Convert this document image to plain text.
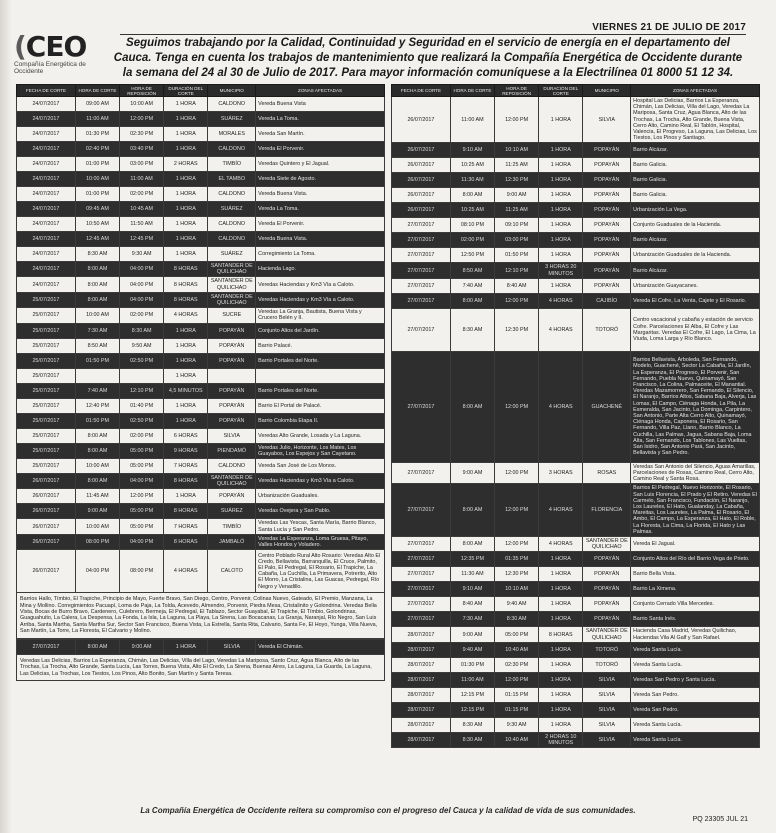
VIERNES 21 DE JULIO DE 2017
(CEO
Compañía Energética de Occidente
Seguimos trabajando por la Calidad, Continuidad y Seguridad en el servicio de energía en el departamento del Cauca. Tenga en cuenta los trabajos de mantenimiento que realizará la Compañía Energética de Occidente durante la semana del 24 al 30 de Julio de 2017. Para mayor información comuníquese a la Electrilínea 01 8000 51 12 34.
FECHA DE CORTE	HORA DE CORTE	HORA DE REPOSICIÓN	DURACIÓN DEL CORTE	MUNICIPIO	ZONAS AFECTADAS
24/07/2017	09:00 AM	10:00 AM	1 HORA	CALDONO	Vereda Buena Vista
24/07/2017	11:00 AM	12:00 PM	1 HORA	SUÁREZ	Vereda La Toma.
24/07/2017	01:30 PM	02:30 PM	1 HORA	MORALES	Vereda San Martín.
24/07/2017	02:40 PM	03:40 PM	1 HORA	CALDONO	Vereda El Porvenir.
24/07/2017	01:00 PM	03:00 PM	2 HORAS	TIMBÍO	Veredas Quintero y El Jagual.
24/07/2017	10:00 AM	11:00 AM	1 HORA	EL TAMBO	Vereda Siete de Agosto.
24/07/2017	01:00 PM	02:00 PM	1 HORA	CALDONO	Vereda Buena Vista.
24/07/2017	09:45 AM	10:45 AM	1 HORA	SUÁREZ	Vereda La Toma.
24/07/2017	10:50 AM	11:50 AM	1 HORA	CALDONO	Vereda El Porvenir.
24/07/2017	12:45 AM	12:45 PM	1 HORA	CALDONO	Vereda Buena Vista.
24/07/2017	8:30 AM	9:30 AM	1 HORA	SUÁREZ	Corregimiento La Toma.
24/07/2017	8:00 AM	04:00 PM	8 HORAS	SANTANDER DE QUILICHAO	Hacienda Lago.
24/07/2017	8:00 AM	04:00 PM	8 HORAS	SANTANDER DE QUILICHAO	Veredas Haciendas y Km3 Vía a Caloto.
25/07/2017	8:00 AM	04:00 PM	8 HORAS	SANTANDER DE QUILICHAO	Veredas Haciendas y Km3 Vía a Caloto.
25/07/2017	10:00 AM	02:00 PM	4 HORAS	SUCRE	Veredas La Granja, Bautista, Buena Vista y Crucero Belén y II.
25/07/2017	7:30 AM	8:30 AM	1 HORA	POPAYÁN	Conjunto Altos del Jardín.
25/07/2017	8:50 AM	9:50 AM	1 HORA	POPAYÁN	Barrio Palacé.
25/07/2017	01:50 PM	02:50 PM	1 HORA	POPAYÁN	Barrio Portales del Norte.
25/07/2017			1 HORA		
25/07/2017	7:40 AM	12:10 PM	4,5 MINUTOS	POPAYÁN	Barrio Portales del Norte.
25/07/2017	12:40 PM	01:40 PM	1 HORA	POPAYÁN	Barrio El Portal de Palacé.
25/07/2017	01:50 PM	02:50 PM	1 HORA	POPAYÁN	Barrio Colombia Etapa II.
25/07/2017	8:00 AM	02:00 PM	6 HORAS	SILVIA	Veredas Alto Grande, Losada y La Laguna.
25/07/2017	8:00 AM	05:00 PM	9 HORAS	PIENDAMÓ	Veredas Julio, Horizonte, Los Mates, Los Guayabos, Los Espejos y San Cayetano.
25/07/2017	10:00 AM	05:00 PM	7 HORAS	CALDONO	Vereda San José de Los Monos.
26/07/2017	8:00 AM	04:00 PM	8 HORAS	SANTANDER DE QUILICHAO	Veredas Haciendas y Km3 Vía a Caloto.
26/07/2017	11:45 AM	12:00 PM	1 HORA	POPAYÁN	Urbanización Guaduales.
26/07/2017	9:00 AM	05:00 PM	8 HORAS	SUÁREZ	Veredas Ovejera y San Pablo.
26/07/2017	10:00 AM	05:00 PM	7 HORAS	TIMBÍO	Veredas Las Yescas, Santa María, Barrio Blanco, Santa Lucía y San Pedro.
26/07/2017	08:00 PM	04:00 PM	8 HORAS	JAMBALÓ	Veredas La Esperanza, Loma Gruesa, Pitayo, Valles Hondos y Voladero.
26/07/2017	04:00 PM	08:00 PM	4 HORAS	CALOTO	Centro Poblado Rural Alto Rosario: Veredas Alto El Credo, Bellavista, Barranquilla, El Cruce, Palmito, El Palo, El Pedregal, El Rosario, El Trapiche, La Cabaña, La Cuchilla, La Primavera, Potrerito, Alto El Morro, La Cristalina, Las Guacas, Pedregal, Río Negro y Venadillo.
Barrios Hallo, Tímbio, El Trapiche, Principio de Mayo, Fuerte Bravo, San Diego, Centro, Porvenir, Colinas Nuevo, Gateado, El Premio, Manzana, La Mina y Mollino. Corregimientos Pacuapí, Loma de Paja, La Tolda, Acevedo, Almendro, Porvenir, Piedra Mesa, Cristalinito y Golondrina. Veredas Bella Vista, Bocas de Burro Bravo, Cardenero, Culebrero, Bermeja, El Pedregal, El Tablazo, Sector Guayabal, El Trapiche, El Tímbio, Golondrinas, Guaguahuito, La Calera, La Despensa, La Fonda, La Isla, La Laguna, La Playa, La Sirena, Las Bocacanas, La Granja, Naranjal, Río Negro, San Luis Arriba, Santa Martha, Santa Martha Sur, Sector San Francisco, Buena Vista, La Estrella, Santa Rita, Calvario, Santa Fe, El Hoyo, Yunga, Villa Nueva, San Martín, La Torre, La Floresta, El Calvario y Molino.
27/07/2017	8:00 AM	9:00 AM	1 HORA	SILVIA	Vereda El Chimán.
Veredas Las Delicias, Barrios La Esperanza, Chimán, Las Delicias, Villa del Lago, Veredas La Mariposa, Santo Cruz, Agua Blanca, Alto de las Trochas, La Trocha, Alto Grande, Santa Lucía, Las Torres, Buena Vista, Alto El Credo, La Sirena, Buenas Aires, La Laguna, La Guarda, La Laguna, Las Delicias, La Trochas, Los Tiestos, Los Pinos, Alto Bonito, San Martín y Santa Teresa.
FECHA DE CORTE	HORA DE CORTE	HORA DE REPOSICIÓN	DURACIÓN DEL CORTE	MUNICIPIO	ZONAS AFECTADAS
26/07/2017	11:00 AM	12:00 PM	1 HORA	SILVIA	Hospital Las Delicias, Barrios La Esperanza, Chimán, Las Delicias, Villa del Lago, Veredas La Mariposa, Santa Cruz, Agua Blanca, Alto de las Trochas, La Trocha, Alto Grande, Buena Vista, Cerro Alto, Camino Real, El Tablón, Hospital, Valencia, El Progreso, La Laguna, Las Delicias, Los Tiestos, Los Pinos y Santiago.
26/07/2017	9:10 AM	10:10 AM	1 HORA	POPAYÁN	Barrio Alcázar.
26/07/2017	10:25 AM	11:25 AM	1 HORA	POPAYÁN	Barrio Galicia.
26/07/2017	11:30 AM	12:30 PM	1 HORA	POPAYÁN	Barrio Galicia.
26/07/2017	8:00 AM	9:00 AM	1 HORA	POPAYÁN	Barrio Galicia.
26/07/2017	10:25 AM	11:25 AM	1 HORA	POPAYÁN	Urbanización La Vega.
27/07/2017	08:10 PM	09:10 PM	1 HORA	POPAYÁN	Conjunto Guaduales de la Hacienda.
27/07/2017	02:00 PM	03:00 PM	1 HORA	POPAYÁN	Barrio Alcázar.
27/07/2017	12:50 PM	01:50 PM	1 HORA	POPAYÁN	Urbanización Guaduales de la Hacienda.
27/07/2017	8:50 AM	12:10 PM	3 HORAS 20 MINUTOS	POPAYÁN	Barrio Alcázar.
27/07/2017	7:40 AM	8:40 AM	1 HORA	POPAYÁN	Urbanización Guayacanes.
27/07/2017	8:00 AM	12:00 PM	4 HORAS	CAJIBÍO	Vereda El Cofre, La Venta, Cajete y El Rosario.
27/07/2017	8:30 AM	12:30 PM	4 HORAS	TOTORÓ	Centro vacacional y cabaña y estación de servicio Cofre. Parcelaciones El Alba, El Cofre y Las Margaritas. Veredas El Cofre, El Lago, La Cima, La Viuda, Loma Larga y Río Blanco.
27/07/2017	8:00 AM	12:00 PM	4 HORAS	GUACHENÉ	Barrios Bellavista, Arboleda, San Fernando, Modelo, Guachené, Sector La Cabaña, El Jardín, La Esperanza, El Progreso, El Porvenir, San Fernando, Puebla Nuevo, Quinamayó, San Francisco, La Colina, Palmaceite, El Manantial. Veredas Mazamorrero, San Fernando, El Silencio, El Naranjo, Barrios Altos, Sabana Baja, Alverja, Las Lomas, El Campo, Ciénaga Honda, La Pila, La Esmeralda, San Jacinto, La Dominga, Carpintero, San Antonio, Parte Alta Cerro Alto, Quinamayó, Ciénaga Honda, Caponera, El Rosario, San Fernando, Villa Paz, Llano, Barrio Blanco, La Cuchilla, Las Palmas, Jagua, Sabana Baja, Loma Alta, San Fernando, Los Tablones, Las Vueltas, San Isidro, San Antonio Pará, San Jacinto, Bellavista y San Pedro.
27/07/2017	9:00 AM	12:00 PM	3 HORAS	ROSAS	Veredas San Antonio del Silencio, Aguas Amarillas, Parcelaciones de Rosas, Camino Real, Cerro Alto, Camino Real y Santa Rosa.
27/07/2017	8:00 AM	12:00 PM	4 HORAS	FLORENCIA	Barrios El Pedregal, Nuevo Horizonte, El Rosario, San Luis Florencia, El Prado y El Retiro. Veredas El Carmelo, San Francisco, Fundación, El Naranjo, Los Laureles, El Hato, Gualanday, La Cabaña, Mareitas, Los Laureles, La Palma, El Rosario, El Ambo, El Campo, La Esperanza, El Hato, El Roble, La Floresta, La Cima, La Florida, El Hato y Las Palmas.
27/07/2017	8:00 AM	12:00 PM	4 HORAS	SANTANDER DE QUILICHAO	Vereda El Jagual.
27/07/2017	12:35 PM	01:35 PM	1 HORA	POPAYÁN	Conjunto Altos del Río del Barrio Vega de Prieto.
27/07/2017	11:30 AM	12:30 PM	1 HORA	POPAYÁN	Barrio Bella Vista.
27/07/2017	9:10 AM	10:10 AM	1 HORA	POPAYÁN	Barrio La Ximena.
27/07/2017	8:40 AM	9:40 AM	1 HORA	POPAYÁN	Conjunto Cerrado Villa Mercedes.
27/07/2017	7:30 AM	8:30 AM	1 HORA	POPAYÁN	Barrio Santa Inés.
28/07/2017	9:00 AM	05:00 PM	8 HORAS	SANTANDER DE QUILICHAO	Hacienda Casa Madrid, Veredas Quilichao, Haciendas Vila Al Galf y San Rafael.
28/07/2017	9:40 AM	10:40 AM	1 HORA	TOTORÓ	Vereda Santa Lucía.
28/07/2017	01:30 PM	02:30 PM	1 HORA	TOTORÓ	Vereda Santa Lucía.
28/07/2017	11:00 AM	12:00 PM	1 HORA	SILVIA	Veredas San Pedro y Santa Lucía.
28/07/2017	12:15 PM	01:15 PM	1 HORA	SILVIA	Vereda San Pedro.
28/07/2017	12:15 PM	01:15 PM	1 HORA	SILVIA	Vereda San Pedro.
28/07/2017	8:30 AM	9:30 AM	1 HORA	SILVIA	Vereda Santa Lucía.
28/07/2017	8:30 AM	10:40 AM	2 HORAS 10 MINUTOS	SILVIA	Vereda Santa Lucía.
La Compañía Energética de Occidente reitera su compromiso con el progreso del Cauca y la calidad de vida de sus comunidades.
PQ 23305 JUL 21
